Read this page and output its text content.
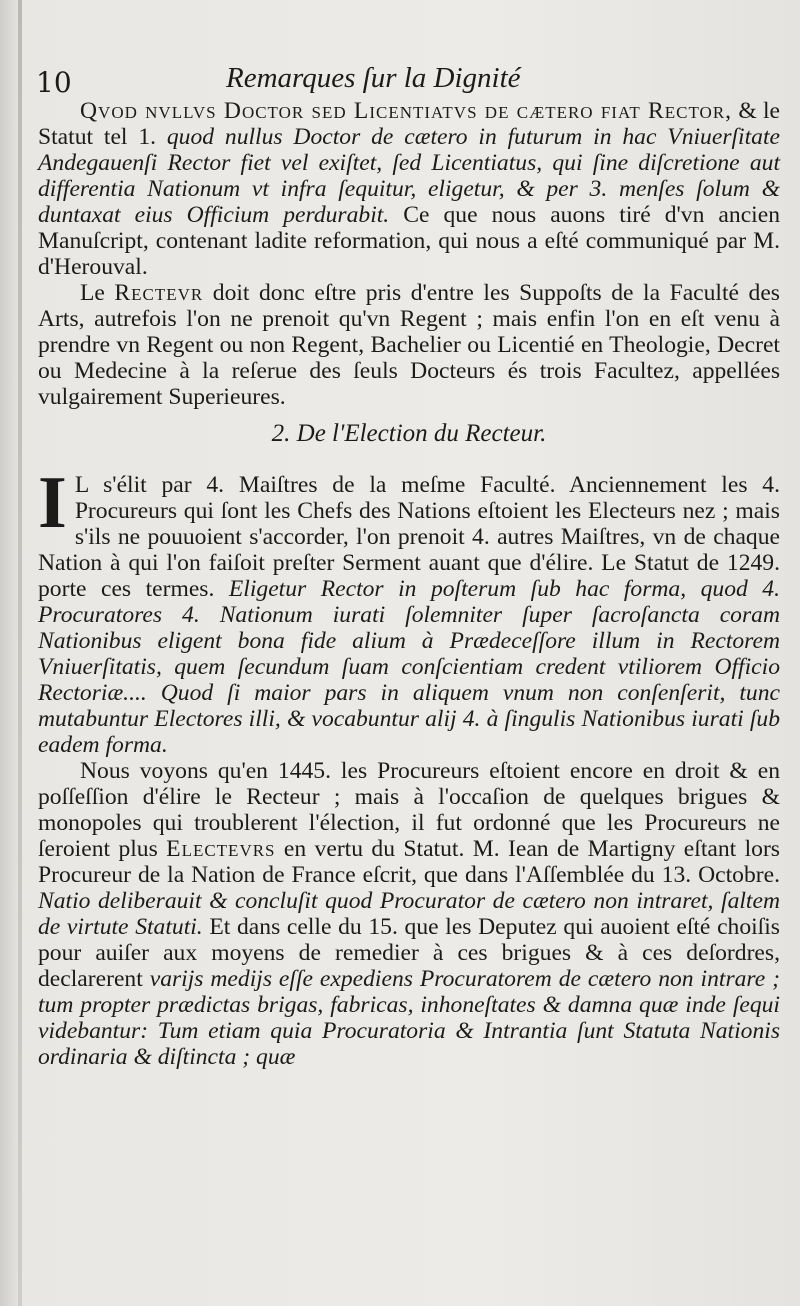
10	Remarques ſur la Dignité

Qvod nvllvs Doctor sed Licentiatvs de cætero fiat Rector, & le Statut tel 1. quod nullus Doctor de cætero in futurum in hac Vniuerſitate Andegauenſi Rector fiet vel exiſtet, ſed Licentiatus, qui ſine diſcretione aut differentia Nationum vt infra ſequitur, eligetur, & per 3. menſes ſolum & duntaxat eius Officium perdurabit. Ce que nous auons tiré d'vn ancien Manuſcript, contenant ladite reformation, qui nous a eſté communiqué par M. d'Herouval.

Le Rectevr doit donc eſtre pris d'entre les Suppoſts de la Faculté des Arts, autrefois l'on ne prenoit qu'vn Regent ; mais enfin l'on en eſt venu à prendre vn Regent ou non Regent, Bachelier ou Licentié en Theologie, Decret ou Medecine à la reſerue des ſeuls Docteurs és trois Facultez, appellées vulgairement Superieures.

2. De l'Election du Recteur.

I L s'élit par 4. Maiſtres de la meſme Faculté. Anciennement les 4. Procureurs qui ſont les Chefs des Nations eſtoient les Electeurs nez ; mais s'ils ne pouuoient s'accorder, l'on prenoit 4. autres Maiſtres, vn de chaque Nation à qui l'on faiſoit preſter Serment auant que d'élire. Le Statut de 1249. porte ces termes. Eligetur Rector in poſterum ſub hac forma, quod 4. Procuratores 4. Nationum iurati ſolemniter ſuper ſacroſancta coram Nationibus eligent bona fide alium à Prædeceſſore illum in Rectorem Vniuerſitatis, quem ſecundum ſuam conſcientiam credent vtiliorem Officio Rectoriæ.... Quod ſi maior pars in aliquem vnum non conſenſerit, tunc mutabuntur Electores illi, & vocabuntur alij 4. à ſingulis Nationibus iurati ſub eadem forma.

Nous voyons qu'en 1445. les Procureurs eſtoient encore en droit & en poſſeſſion d'élire le Recteur ; mais à l'occaſion de quelques brigues & monopoles qui troublerent l'élection, il fut ordonné que les Procureurs ne ſeroient plus Electevrs en vertu du Statut. M. Iean de Martigny eſtant lors Procureur de la Nation de France eſcrit, que dans l'Aſſemblée du 13. Octobre. Natio deliberauit & concluſit quod Procurator de cætero non intraret, ſaltem de virtute Statuti. Et dans celle du 15. que les Deputez qui auoient eſté choiſis pour auiſer aux moyens de remedier à ces brigues & à ces deſordres, declarerent varijs medijs eſſe expediens Procuratorem de cætero non intrare ; tum propter prædictas brigas, fabricas, inhoneſtates & damna quæ inde ſequi videbantur: Tum etiam quia Procuratoria & Intrantia ſunt Statuta Nationis ordinaria & diſtincta ; quæ
